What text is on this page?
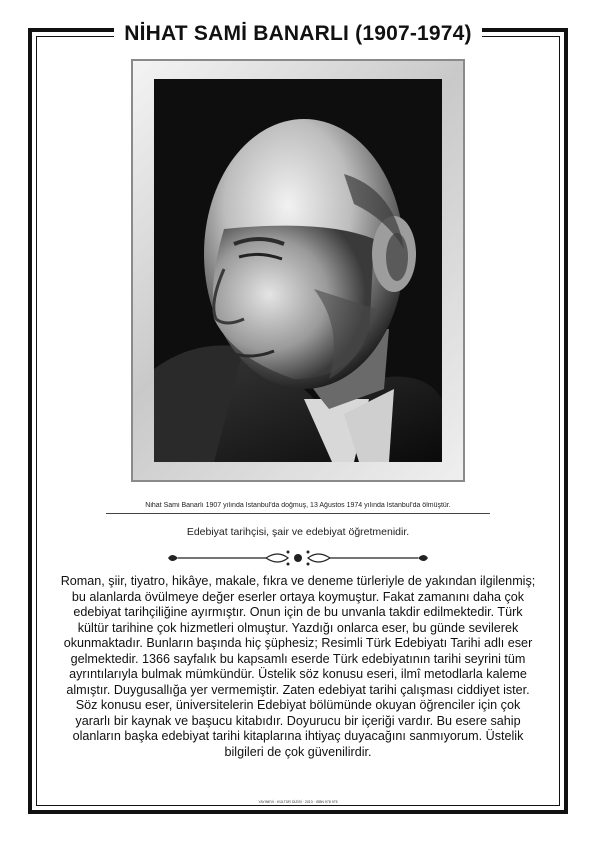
NİHAT SAMİ BANARLI (1907-1974)
Nihat Sami Banarlı 1907 yılında İstanbul'da doğmuş, 13 Ağustos 1974 yılında İstanbul'da ölmüştür.
Edebiyat tarihçisi, şair ve edebiyat öğretmenidir.

Roman, şiir, tiyatro, hikâye, makale, fıkra ve deneme türleriyle de yakından ilgilenmiş; bu alanlarda övülmeye değer eserler ortaya koymuştur. Fakat zamanını daha çok edebiyat tarihçiliğine ayırmıştır. Onun için de bu unvanla takdir edilmektedir. Türk kültür tarihine çok hizmetleri olmuştur. Yazdığı onlarca eser, bu günde sevilerek okunmaktadır. Bunların başında hiç şüphesiz; Resimli Türk Edebiyatı Tarihi adlı eser gelmektedir. 1366 sayfalık bu kapsamlı eserde Türk edebiyatının tarihi seyrini tüm ayrıntılarıyla bulmak mümkündür. Üstelik söz konusu eseri, ilmî metodlarla kaleme almıştır. Duygusallığa yer vermemiştir. Zaten edebiyat tarihi çalışması ciddiyet ister. Söz konusu eser, üniversitelerin Edebiyat bölümünde okuyan öğrenciler için çok yararlı bir kaynak ve başucu kitabıdır. Doyurucu bir içeriği vardır. Bu esere sahip olanların başka edebiyat tarihi kitaplarına ihtiyaç duyacağını sanmıyorum. Üstelik bilgileri de çok güvenilirdir.

YAYINEVİ · KÜLTÜR DİZİSİ · 2013 · ISBN 978 975
